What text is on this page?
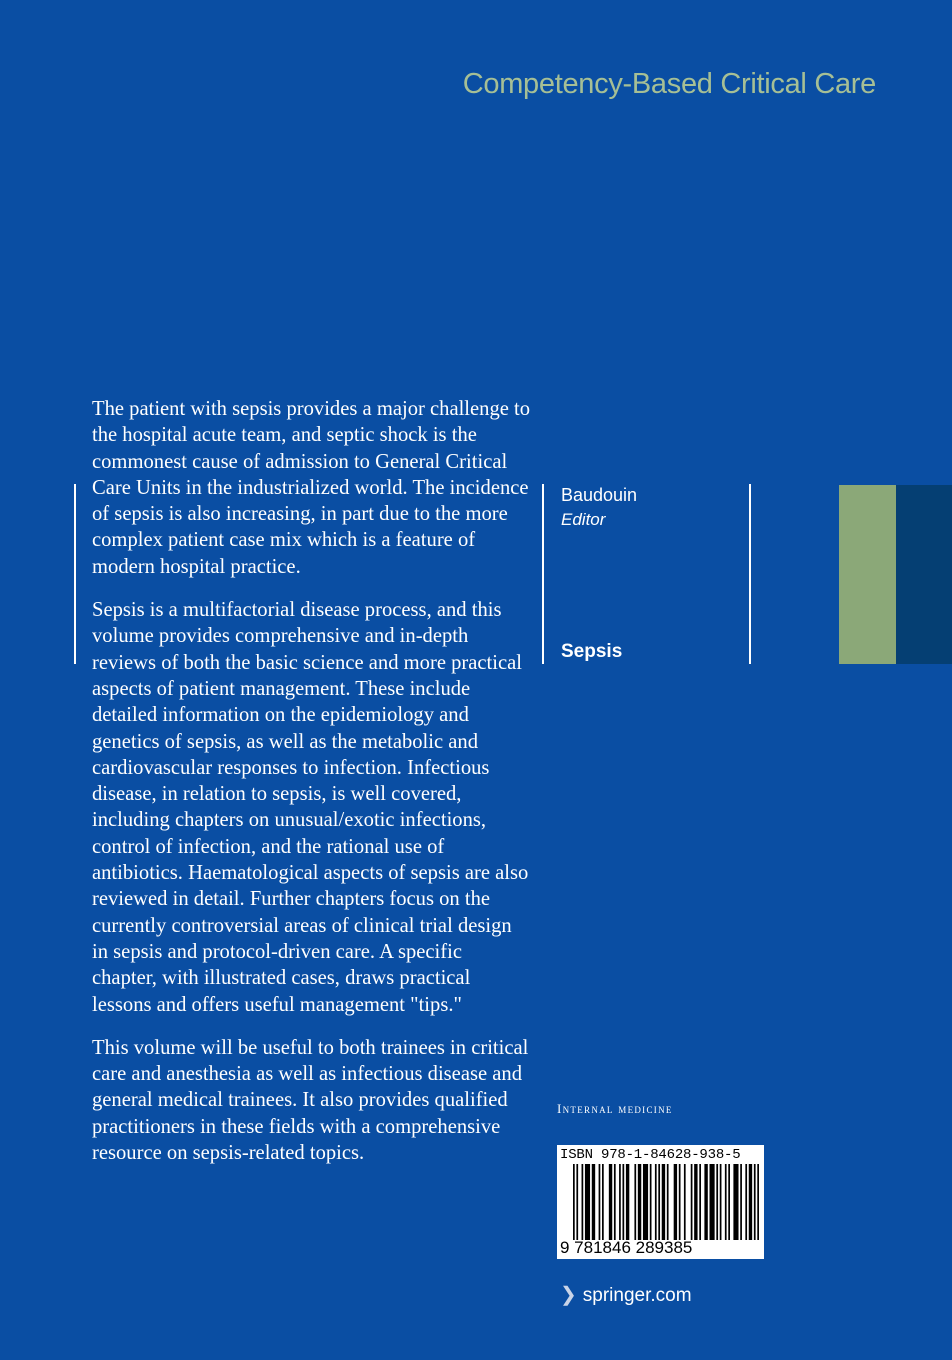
Competency-Based Critical Care

The patient with sepsis provides a major challenge to the hospital acute team, and septic shock is the commonest cause of admission to General Critical Care Units in the industrialized world. The incidence of sepsis is also increasing, in part due to the more complex patient case mix which is a feature of modern hospital practice.

Sepsis is a multifactorial disease process, and this volume provides comprehensive and in-depth reviews of both the basic science and more practical aspects of patient management. These include detailed information on the epidemiology and genetics of sepsis, as well as the metabolic and cardiovascular responses to infection. Infectious disease, in relation to sepsis, is well covered, including chapters on unusual/exotic infections, control of infection, and the rational use of antibiotics. Haematological aspects of sepsis are also reviewed in detail. Further chapters focus on the currently controversial areas of clinical trial design in sepsis and protocol-driven care. A specific chapter, with illustrated cases, draws practical lessons and offers useful management "tips."

This volume will be useful to both trainees in critical care and anesthesia as well as infectious disease and general medical trainees. It also provides qualified practitioners in these fields with a comprehensive resource on sepsis-related topics.

Baudouin
Editor
Sepsis
Internal medicine
ISBN 978-1-84628-938-5
9 781846 289385
❯ springer.com
